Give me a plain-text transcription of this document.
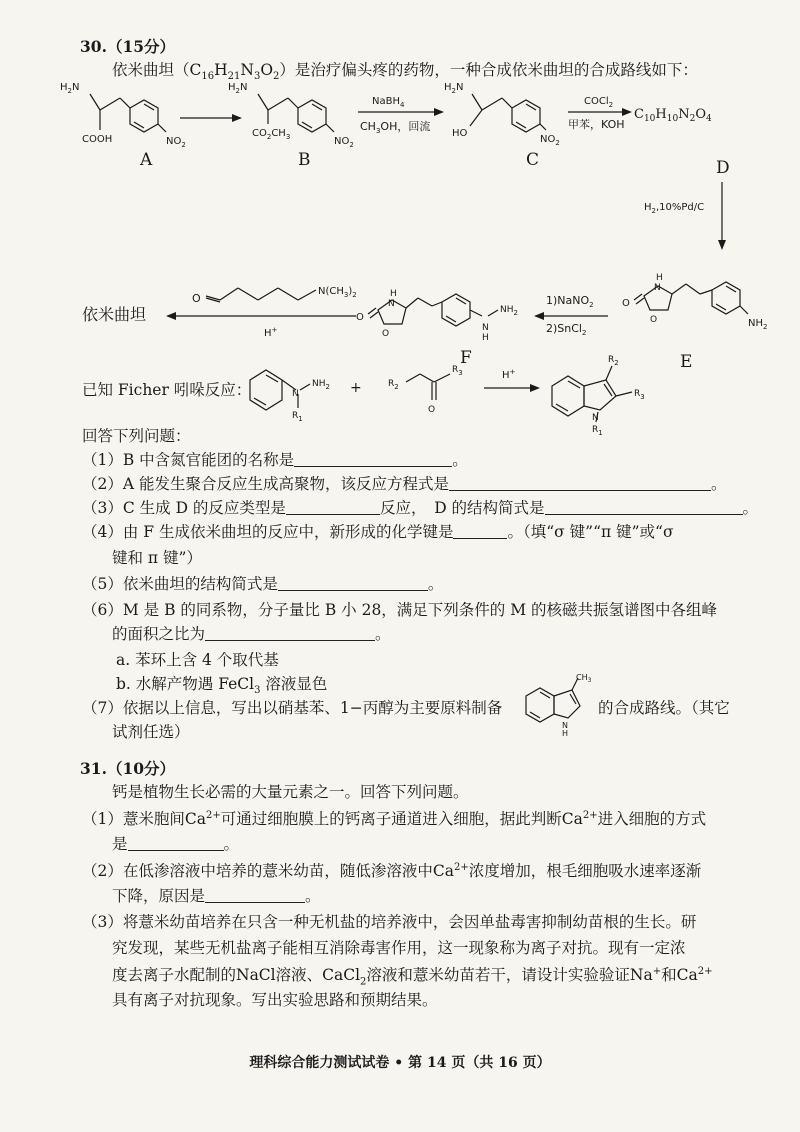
30.（15分）
依米曲坦$(C_{16}H_{21}N_3O_2)$是治疗偏头疼的药物，一种合成依米曲坦的合成路线如下：
$H_2N$
COOH	$NO_2$
$H_2N$
$CO_2CH_3$	$NO_2$
NaBH$_4$
$CH_3OH$，回流
$H_2N$
HO
$NO_2$
COCl$_2$
甲苯，KOH
$C_{10}H_{10}N_2O_4$
A	B	C	D
$H_2,10\%Pd/C$
O
$N(CH_3)_2$
H+
O
H
N
O
N
H
$NH_2$
1)NaNO$_2$
2)SnCl$_2$
O
H
N
O	$NH_2$
依米曲坦
F	E
已知 Ficher 吲哚反应：	N
$NH_2$
$R_1$
+	$R_2$
$R_3$
O
H+
$R_2$
$R_3$
N
$R_1$
回答下列问题：
（1）B 中含氮官能团的名称是	。
（2）A 能发生聚合反应生成高聚物，该反应方程式是	。
（3）C 生成 D 的反应类型是	反应，　D 的结构简式是	。
（4）由 F 生成依米曲坦的反应中，新形成的化学键是	。（填“σ 键”“π 键”或“σ
键和 π 键”）
（5）依米曲坦的结构简式是	。
（6）M 是 B 的同系物，分子量比 B 小 28，满足下列条件的 M 的核磁共振氢谱图中各组峰
的面积之比为	。
a. 苯环上含 4 个取代基
b. 水解产物遇 FeCl$_3$ 溶液显色
（7）依据以上信息，写出以硝基苯、1−丙醇为主要原料制备
$CH_3$
N
H
的合成路线。（其它
试剂任选）
31.（10分）
钙是植物生长必需的大量元素之一。回答下列问题。
（1）薏米胞间$Ca^{2+}$可通过细胞膜上的钙离子通道进入细胞，据此判断$Ca^{2+}$进入细胞的方式
是	。
（2）在低渗溶液中培养的薏米幼苗，随低渗溶液中$Ca^{2+}$浓度增加，根毛细胞吸水速率逐渐
下降，原因是	。
（3）将薏米幼苗培养在只含一种无机盐的培养液中，会因单盐毒害抑制幼苗根的生长。研
究发现，某些无机盐离子能相互消除毒害作用，这一现象称为离子对抗。现有一定浓
度去离子水配制的NaCl溶液、CaCl$_2$溶液和薏米幼苗若干，请设计实验验证Na+和$Ca^{2+}$
具有离子对抗现象。写出实验思路和预期结果。
理科综合能力测试试卷 • 第 14 页（共 16 页）
